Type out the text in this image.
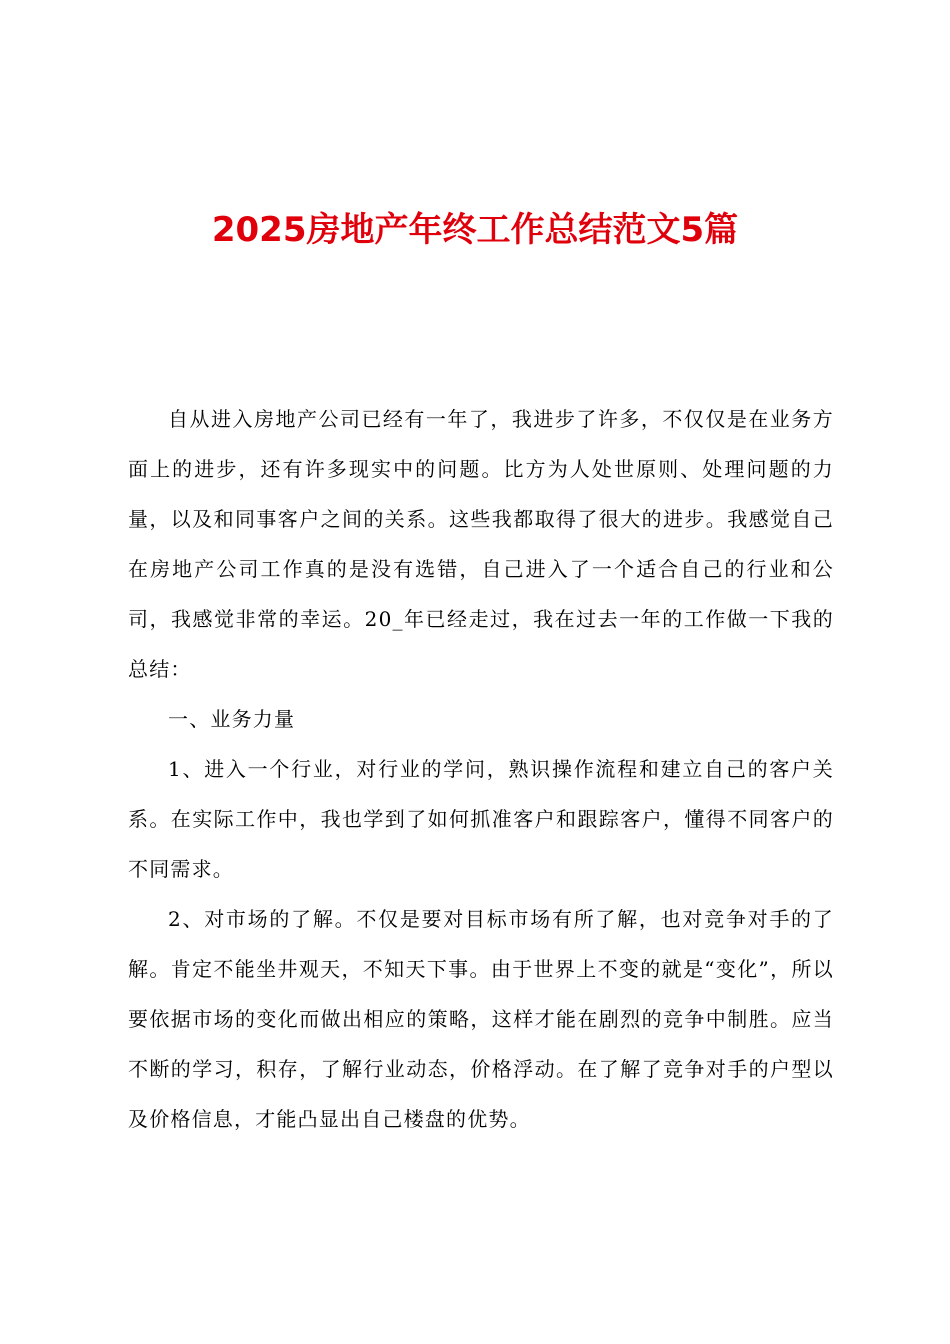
2025房地产年终工作总结范文5篇

自从进入房地产公司已经有一年了，我进步了许多，不仅仅是在业务方面上的进步，还有许多现实中的问题。比方为人处世原则、处理问题的力量，以及和同事客户之间的关系。这些我都取得了很大的进步。我感觉自己在房地产公司工作真的是没有选错，自己进入了一个适合自己的行业和公司，我感觉非常的幸运。20_年已经走过，我在过去一年的工作做一下我的总结：

一、业务力量

1、进入一个行业，对行业的学问，熟识操作流程和建立自己的客户关系。在实际工作中，我也学到了如何抓准客户和跟踪客户，懂得不同客户的不同需求。

2、对市场的了解。不仅是要对目标市场有所了解，也对竞争对手的了解。肯定不能坐井观天，不知天下事。由于世界上不变的就是“变化”，所以要依据市场的变化而做出相应的策略，这样才能在剧烈的竞争中制胜。应当不断的学习，积存，了解行业动态，价格浮动。在了解了竞争对手的户型以及价格信息，才能凸显出自己楼盘的优势。
